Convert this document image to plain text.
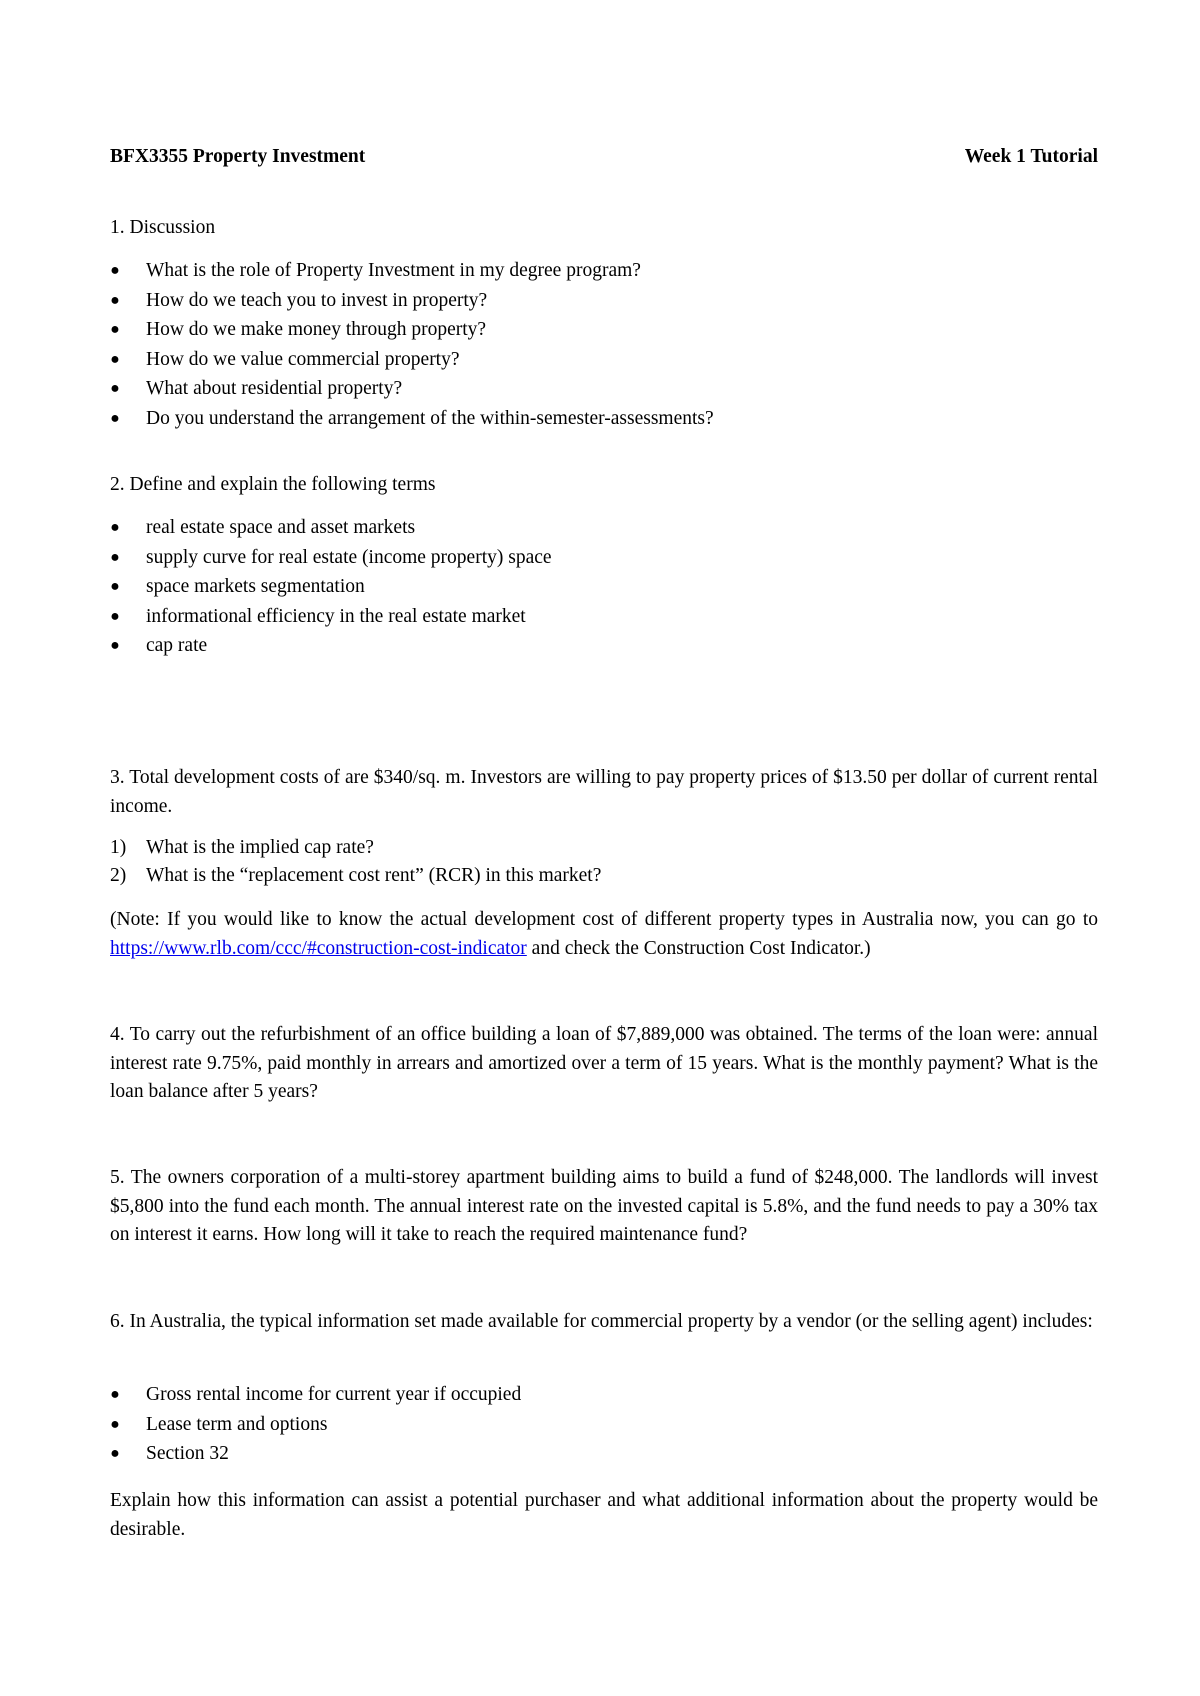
BFX3355 Property Investment	Week 1 Tutorial

1. Discussion

● What is the role of Property Investment in my degree program?
● How do we teach you to invest in property?
● How do we make money through property?
● How do we value commercial property?
● What about residential property?
● Do you understand the arrangement of the within-semester-assessments?

2. Define and explain the following terms

● real estate space and asset markets
● supply curve for real estate (income property) space
● space markets segmentation
● informational efficiency in the real estate market
● cap rate

3. Total development costs of are $340/sq. m. Investors are willing to pay property prices of $13.50 per dollar of current rental income.

1) What is the implied cap rate?
2) What is the “replacement cost rent” (RCR) in this market?

(Note: If you would like to know the actual development cost of different property types in Australia now, you can go to https://www.rlb.com/ccc/#construction-cost-indicator and check the Construction Cost Indicator.)

4. To carry out the refurbishment of an office building a loan of $7,889,000 was obtained. The terms of the loan were: annual interest rate 9.75%, paid monthly in arrears and amortized over a term of 15 years. What is the monthly payment? What is the loan balance after 5 years?

5. The owners corporation of a multi-storey apartment building aims to build a fund of $248,000. The landlords will invest $5,800 into the fund each month. The annual interest rate on the invested capital is 5.8%, and the fund needs to pay a 30% tax on interest it earns. How long will it take to reach the required maintenance fund?

6. In Australia, the typical information set made available for commercial property by a vendor (or the selling agent) includes:

● Gross rental income for current year if occupied
● Lease term and options
● Section 32

Explain how this information can assist a potential purchaser and what additional information about the property would be desirable.
